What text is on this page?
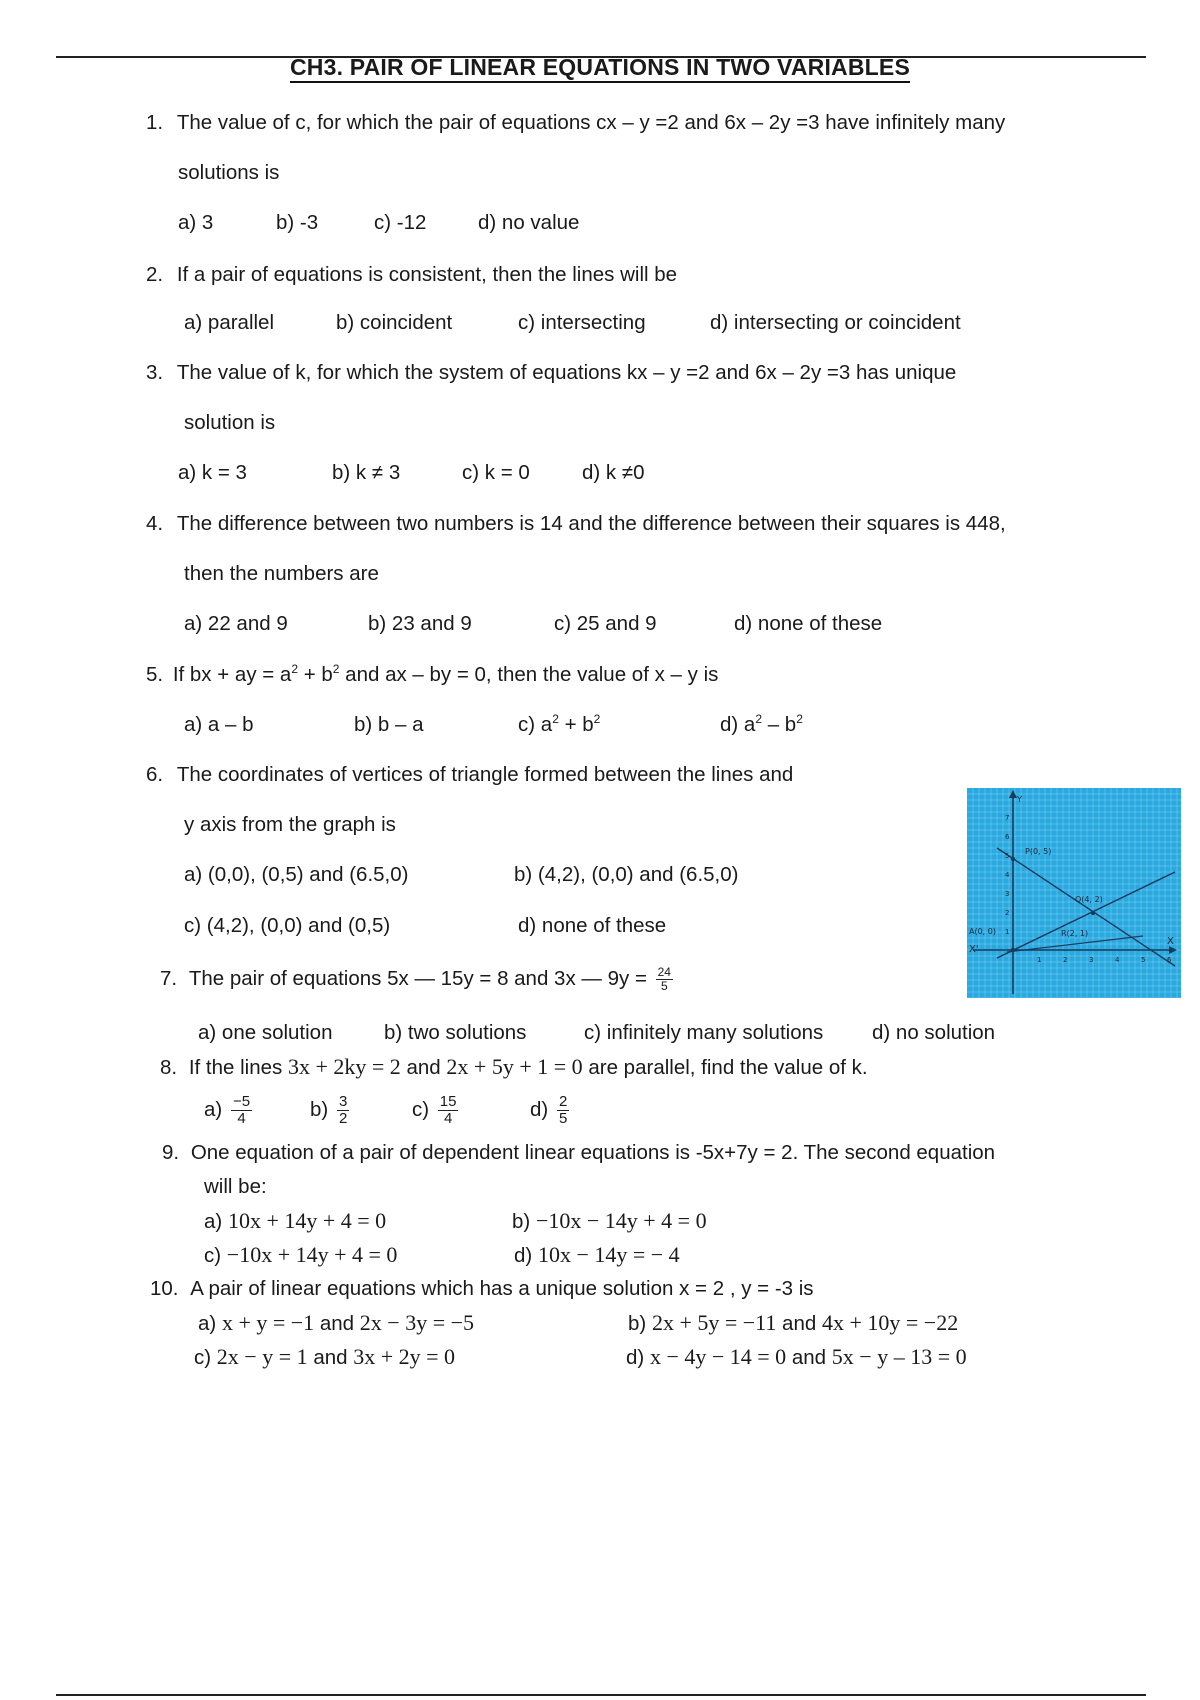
CH3. PAIR OF LINEAR EQUATIONS IN TWO VARIABLES
1. The value of c, for which the pair of equations cx – y =2 and 6x – 2y =3 have infinitely many
solutions is
a) 3	b) -3	c) -12	d) no value
2. If a pair of equations is consistent, then the lines will be
a) parallel	b) coincident	c) intersecting	d) intersecting or coincident
3. The value of k, for which the system of equations kx – y =2 and 6x – 2y =3 has unique
solution is
a) k = 3	b) k ≠ 3	c) k = 0	d) k ≠0
4. The difference between two numbers is 14 and the difference between their squares is 448,
then the numbers are
a) 22 and 9	b) 23 and 9	c) 25 and 9	d) none of these
5. If bx + ay = $a^2 + b^2$ and ax – by = 0, then the value of x – y is
a) a – b	b) b – a	c) $a^2 + b^2$	d) $a^2 - b^2$
6. The coordinates of vertices of triangle formed between the lines and
y axis from the graph is
a) (0,0), (0,5) and (6.5,0)	b) (4,2), (0,0) and (6.5,0)
c) (4,2), (0,0) and (0,5)	d) none of these
P(0, 5)
Q(4, 2)
R(2, 1)
A(0, 0)
X'
X
Y
1	2	3	4	5	6
1
2
3
4
5
6
7
7. The pair of equations 5x — 15y = 8 and 3x — $9y = \frac{24}{5}$
a) one solution	b) two solutions	c) infinitely many solutions d) no solution
8. If the lines 3x + 2ky = 2 and 2x + 5y + 1 = 0 are parallel, find the value of k.
$a) \frac{-5}{4}$	$b) \frac{3}{2}$	$c) \frac{15}{4}$	$d) \frac{2}{5}$
9. One equation of a pair of dependent linear equations is -5x+7y = 2. The second equation
will be:
a) 10x + 14y + 4 = 0	b) −10x − 14y + 4 = 0
c) −10x + 14y + 4 = 0	d) 10x − 14y = − 4
10. A pair of linear equations which has a unique solution x = 2 , y = -3 is
a) x + y = −1 and 2x − 3y = −5	b) 2x + 5y = −11 and 4x + 10y = −22
c) 2x − y = 1 and 3x + 2y = 0	d) x − 4y − 14 = 0 and 5x − y – 13 = 0
